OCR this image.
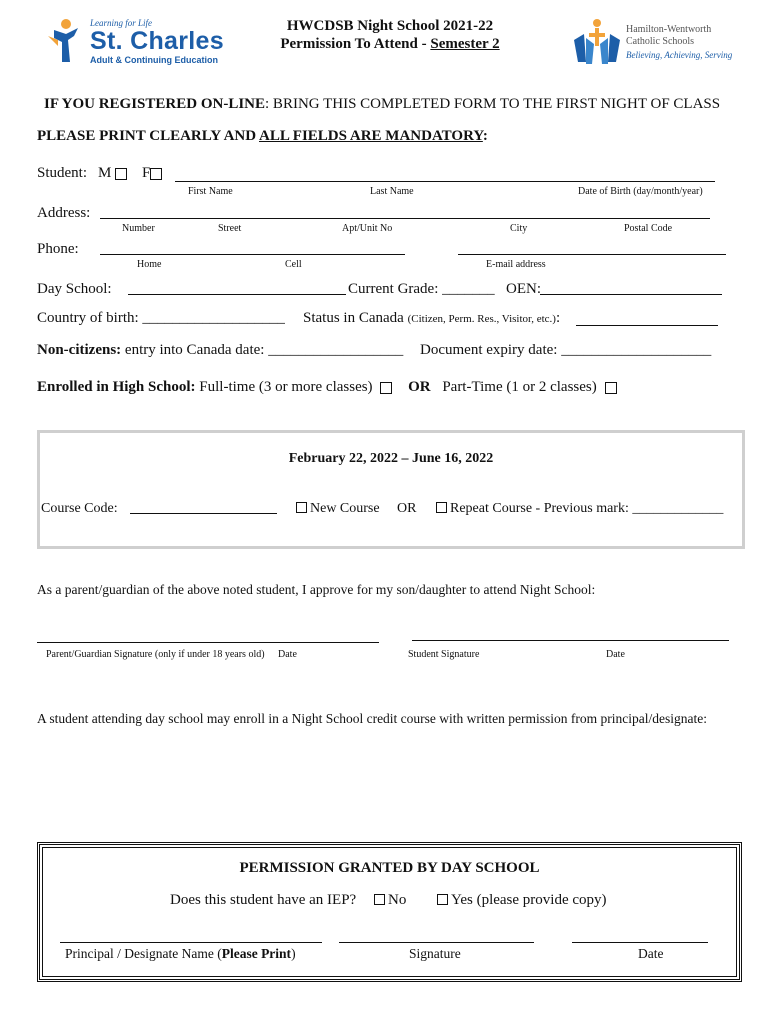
Learning for Life
St. Charles
Adult & Continuing Education
HWCDSB Night School 2021-22
Permission To Attend - Semester 2
Hamilton-Wentworth
Catholic Schools
Believing, Achieving, Serving
IF YOU REGISTERED ON-LINE: BRING THIS COMPLETED FORM TO THE FIRST NIGHT OF CLASS
PLEASE PRINT CLEARLY AND ALL FIELDS ARE MANDATORY:
Student: M	F
First Name	Last Name	Date of Birth (day/month/year)
Address:
Number	Street	Apt/Unit No	City	Postal Code
Phone:
Home	Cell	E-mail address
Day School:	Current Grade: _______ OEN:
Country of birth: ___________________ Status in Canada (Citizen, Perm. Res., Visitor, etc.):
Non-citizens: entry into Canada date: __________________ Document expiry date: ____________________
Enrolled in High School: Full-time (3 or more classes) OR Part-Time (1 or 2 classes)
February 22, 2022 – June 16, 2022
Course Code:	New Course OR	Repeat Course - Previous mark: _____________
As a parent/guardian of the above noted student, I approve for my son/daughter to attend Night School:
Parent/Guardian Signature (only if under 18 years old) Date	Student Signature	Date
A student attending day school may enroll in a Night School credit course with written permission from principal/designate:
PERMISSION GRANTED BY DAY SCHOOL
Does this student have an IEP?	No	Yes (please provide copy)
Principal / Designate Name (Please Print)	Signature	Date
